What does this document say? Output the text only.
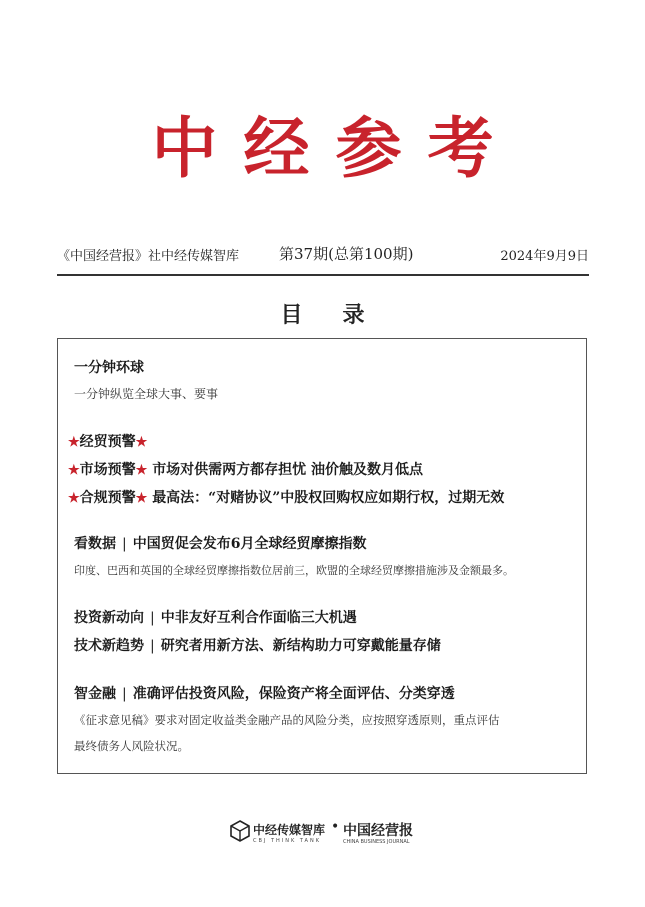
中经参考
《中国经营报》社中经传媒智库	第37期(总第100期)	2024年9月9日
目录
一分钟环球
一分钟纵览全球大事、要事
★经贸预警★
★市场预警★ 市场对供需两方都存担忧 油价触及数月低点
★合规预警★ 最高法：“对赌协议”中股权回购权应如期行权，过期无效
看数据 | 中国贸促会发布6月全球经贸摩擦指数
印度、巴西和英国的全球经贸摩擦指数位居前三，欧盟的全球经贸摩擦措施涉及金额最多。
投资新动向 | 中非友好互利合作面临三大机遇
技术新趋势 | 研究者用新方法、新结构助力可穿戴能量存储
智金融 | 准确评估投资风险，保险资产将全面评估、分类穿透
《征求意见稿》要求对固定收益类金融产品的风险分类，应按照穿透原则，重点评估
最终债务人风险状况。
中经传媒智库
CBJ THINK TANK
• 中国经营报
CHINA BUSINESS JOURNAL
